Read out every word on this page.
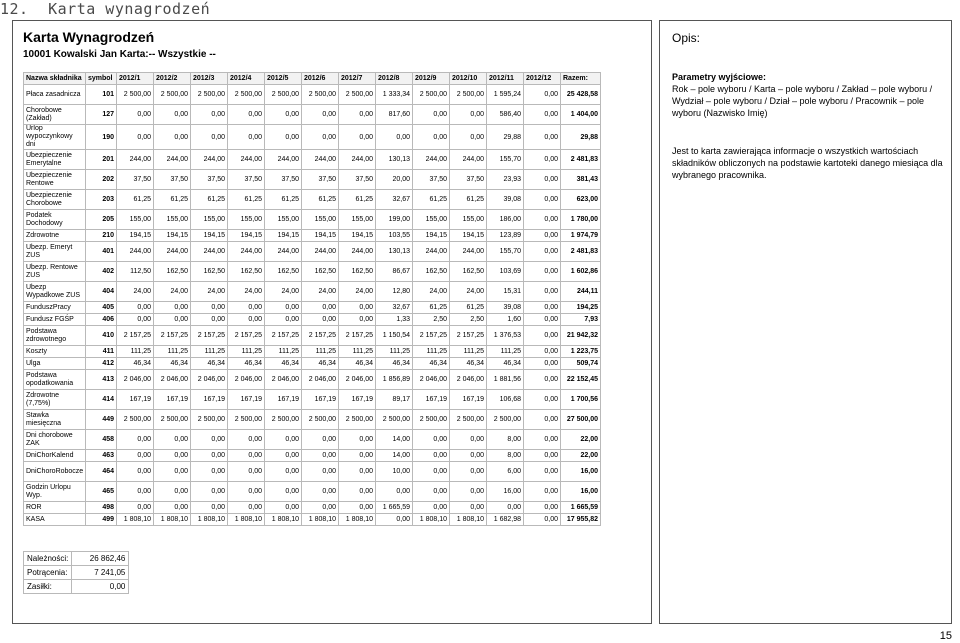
12. Karta wynagrodzeń
Karta Wynagrodzeń
10001 Kowalski Jan Karta:-- Wszystkie --
Nazwa składnika	symbol	2012/1	2012/2	2012/3	2012/4	2012/5	2012/6	2012/7	2012/8	2012/9	2012/10	2012/11	2012/12	Razem:
Płaca zasadnicza	101	2 500,00	2 500,00	2 500,00	2 500,00	2 500,00	2 500,00	2 500,00	1 333,34	2 500,00	2 500,00	1 595,24	0,00	25 428,58
Chorobowe (Zakład)	127	0,00	0,00	0,00	0,00	0,00	0,00	0,00	817,60	0,00	0,00	586,40	0,00	1 404,00
Urlop wypoczynkowy dni	190	0,00	0,00	0,00	0,00	0,00	0,00	0,00	0,00	0,00	0,00	29,88	0,00	29,88
Ubezpieczenie Emerytalne	201	244,00	244,00	244,00	244,00	244,00	244,00	244,00	130,13	244,00	244,00	155,70	0,00	2 481,83
Ubezpieczenie Rentowe	202	37,50	37,50	37,50	37,50	37,50	37,50	37,50	20,00	37,50	37,50	23,93	0,00	381,43
Ubezpieczenie Chorobowe	203	61,25	61,25	61,25	61,25	61,25	61,25	61,25	32,67	61,25	61,25	39,08	0,00	623,00
Podatek Dochodowy	205	155,00	155,00	155,00	155,00	155,00	155,00	155,00	199,00	155,00	155,00	186,00	0,00	1 780,00
Zdrowotne	210	194,15	194,15	194,15	194,15	194,15	194,15	194,15	103,55	194,15	194,15	123,89	0,00	1 974,79
Ubezp. Emeryt ZUS	401	244,00	244,00	244,00	244,00	244,00	244,00	244,00	130,13	244,00	244,00	155,70	0,00	2 481,83
Ubezp. Rentowe ZUS	402	112,50	162,50	162,50	162,50	162,50	162,50	162,50	86,67	162,50	162,50	103,69	0,00	1 602,86
Ubezp Wypadkowe ZUS	404	24,00	24,00	24,00	24,00	24,00	24,00	24,00	12,80	24,00	24,00	15,31	0,00	244,11
FunduszPracy	405	0,00	0,00	0,00	0,00	0,00	0,00	0,00	32,67	61,25	61,25	39,08	0,00	194,25
Fundusz FGŚP	406	0,00	0,00	0,00	0,00	0,00	0,00	0,00	1,33	2,50	2,50	1,60	0,00	7,93
Podstawa zdrowotnego	410	2 157,25	2 157,25	2 157,25	2 157,25	2 157,25	2 157,25	2 157,25	1 150,54	2 157,25	2 157,25	1 376,53	0,00	21 942,32
Koszty	411	111,25	111,25	111,25	111,25	111,25	111,25	111,25	111,25	111,25	111,25	111,25	0,00	1 223,75
Ulga	412	46,34	46,34	46,34	46,34	46,34	46,34	46,34	46,34	46,34	46,34	46,34	0,00	509,74
Podstawa opodatkowania	413	2 046,00	2 046,00	2 046,00	2 046,00	2 046,00	2 046,00	2 046,00	1 856,89	2 046,00	2 046,00	1 881,56	0,00	22 152,45
Zdrowotne (7,75%)	414	167,19	167,19	167,19	167,19	167,19	167,19	167,19	89,17	167,19	167,19	106,68	0,00	1 700,56
Stawka miesięczna	449	2 500,00	2 500,00	2 500,00	2 500,00	2 500,00	2 500,00	2 500,00	2 500,00	2 500,00	2 500,00	2 500,00	0,00	27 500,00
Dni chorobowe ZAK	458	0,00	0,00	0,00	0,00	0,00	0,00	0,00	14,00	0,00	0,00	8,00	0,00	22,00
DniChorKalend	463	0,00	0,00	0,00	0,00	0,00	0,00	0,00	14,00	0,00	0,00	8,00	0,00	22,00
DniChoroRobocze	464	0,00	0,00	0,00	0,00	0,00	0,00	0,00	10,00	0,00	0,00	6,00	0,00	16,00
Godzin Urlopu Wyp.	465	0,00	0,00	0,00	0,00	0,00	0,00	0,00	0,00	0,00	0,00	16,00	0,00	16,00
ROR	498	0,00	0,00	0,00	0,00	0,00	0,00	0,00	1 665,59	0,00	0,00	0,00	0,00	1 665,59
KASA	499	1 808,10	1 808,10	1 808,10	1 808,10	1 808,10	1 808,10	1 808,10	0,00	1 808,10	1 808,10	1 682,98	0,00	17 955,82
Należności:	26 862,46
Potrącenia:	7 241,05
Zasiłki:	0,00
Opis:
Parametry wyjściowe:
Rok – pole wyboru / Karta – pole wyboru / Zakład – pole wyboru / Wydział – pole wyboru / Dział – pole wyboru / Pracownik – pole wyboru (Nazwisko Imię)
Jest to karta zawierająca informacje o wszystkich wartościach składników obliczonych na podstawie kartoteki danego miesiąca dla wybranego pracownika.
15
